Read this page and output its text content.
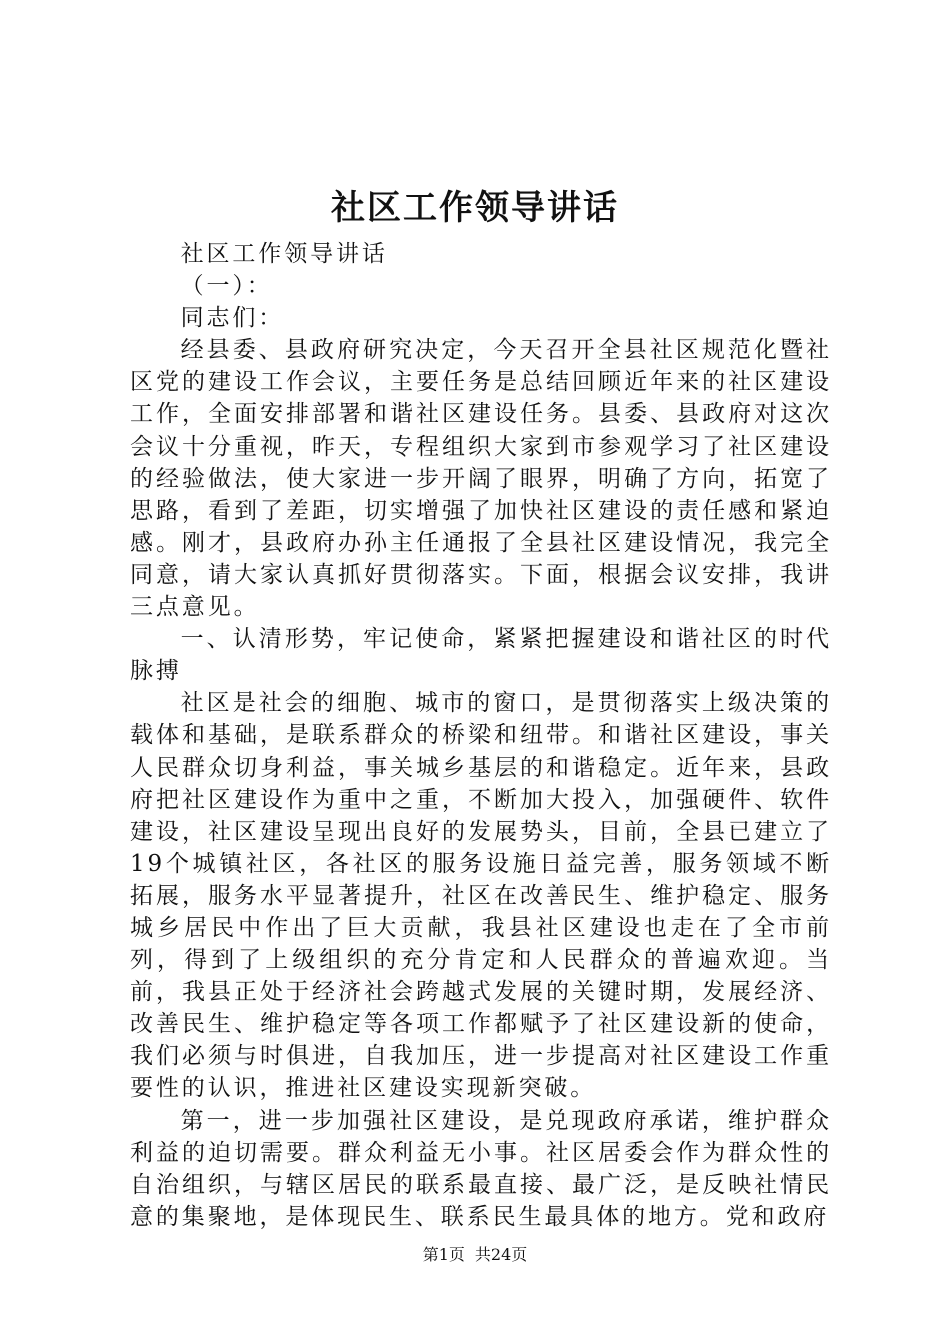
社区工作领导讲话

社区工作领导讲话

（一）：

同志们：

经县委、县政府研究决定，今天召开全县社区规范化暨社区党的建设工作会议，主要任务是总结回顾近年来的社区建设工作，全面安排部署和谐社区建设任务。县委、县政府对这次会议十分重视，昨天，专程组织大家到市参观学习了社区建设的经验做法，使大家进一步开阔了眼界，明确了方向，拓宽了思路，看到了差距，切实增强了加快社区建设的责任感和紧迫感。刚才，县政府办孙主任通报了全县社区建设情况，我完全同意，请大家认真抓好贯彻落实。下面，根据会议安排，我讲三点意见。

一、认清形势，牢记使命，紧紧把握建设和谐社区的时代脉搏

社区是社会的细胞、城市的窗口，是贯彻落实上级决策的载体和基础，是联系群众的桥梁和纽带。和谐社区建设，事关人民群众切身利益，事关城乡基层的和谐稳定。近年来，县政府把社区建设作为重中之重，不断加大投入，加强硬件、软件建设，社区建设呈现出良好的发展势头，目前，全县已建立了19个城镇社区，各社区的服务设施日益完善，服务领域不断拓展，服务水平显著提升，社区在改善民生、维护稳定、服务城乡居民中作出了巨大贡献，我县社区建设也走在了全市前列，得到了上级组织的充分肯定和人民群众的普遍欢迎。当前，我县正处于经济社会跨越式发展的关键时期，发展经济、改善民生、维护稳定等各项工作都赋予了社区建设新的使命，我们必须与时俱进，自我加压，进一步提高对社区建设工作重要性的认识，推进社区建设实现新突破。

第一，进一步加强社区建设，是兑现政府承诺，维护群众利益的迫切需要。群众利益无小事。社区居委会作为群众性的自治组织，与辖区居民的联系最直接、最广泛，是反映社情民意的集聚地，是体现民生、联系民生最具体的地方。党和政府

第1页 共24页
